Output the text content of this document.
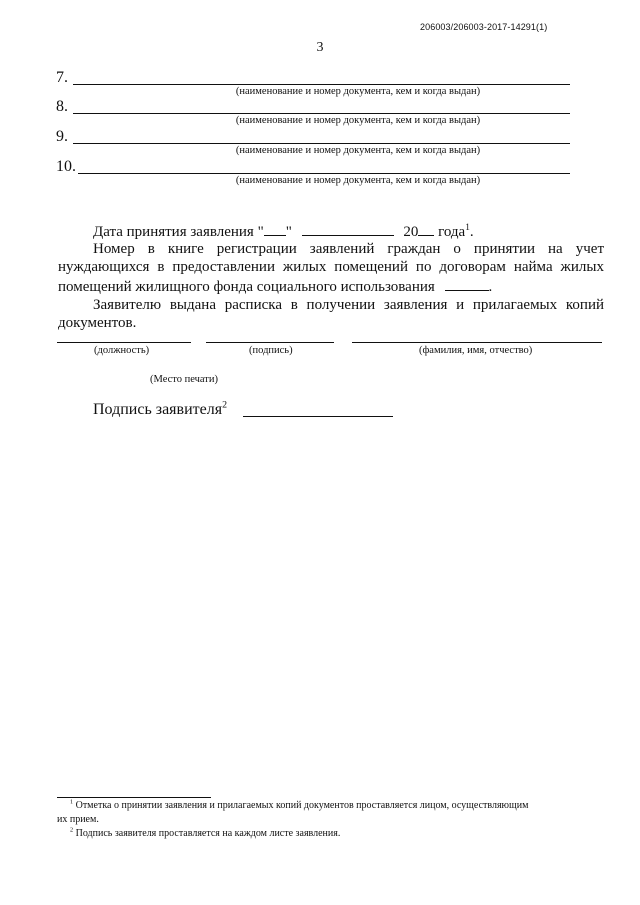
206003/206003-2017-14291(1)
3
7.
(наименование и номер документа, кем и когда выдан)
8.
(наименование и номер документа, кем и когда выдан)
9.
(наименование и номер документа, кем и когда выдан)
10.
(наименование и номер документа, кем и когда выдан)
Дата принятия заявления " "	20 года$^1$.

Номер в книге регистрации заявлений граждан о принятии на учет

нуждающихся в предоставлении жилых помещений по договорам найма жилых

помещений жилищного фонда социального использования	.

Заявителю выдана расписка в получении заявления и прилагаемых копий

документов.

(должность)	(подпись)	(фамилия, имя, отчество)
(Место печати)
Подпись заявителя$^2$

$^1$ Отметка о принятии заявления и прилагаемых копий документов проставляется лицом, осуществляющим

их прием.

$^2$ Подпись заявителя проставляется на каждом листе заявления.
